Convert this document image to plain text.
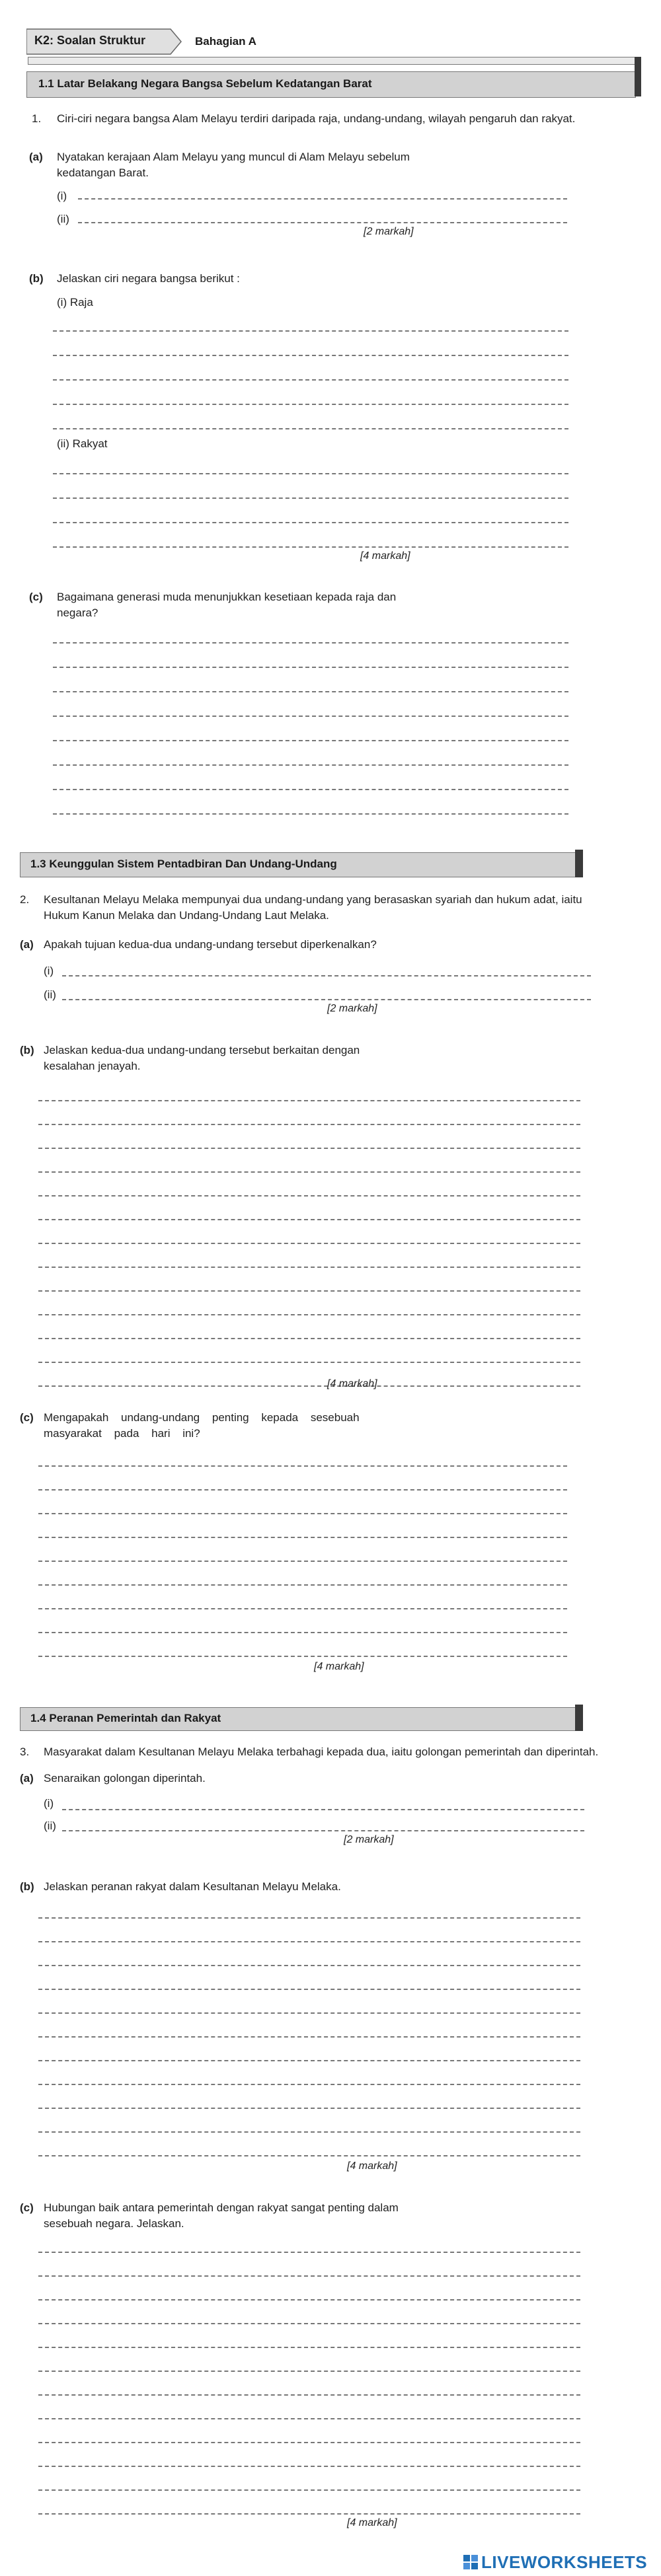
K2: Soalan Struktur	Bahagian A
1.1 Latar Belakang Negara Bangsa Sebelum Kedatangan Barat
1. Ciri-ciri negara bangsa Alam Melayu terdiri daripada raja, undang-undang, wilayah pengaruh dan rakyat.
(a) Nyatakan kerajaan Alam Melayu yang muncul di Alam Melayu sebelum kedatangan Barat.
(i)
(ii)
[2 markah]
(b) Jelaskan ciri negara bangsa berikut :
(i) Raja
(ii) Rakyat
[4 markah]
(c) Bagaimana generasi muda menunjukkan kesetiaan kepada raja dan negara?
1.3 Keunggulan Sistem Pentadbiran Dan Undang-Undang
2. Kesultanan Melayu Melaka mempunyai dua undang-undang yang berasaskan syariah dan hukum adat, iaitu Hukum Kanun Melaka dan Undang-Undang Laut Melaka.
(a) Apakah tujuan kedua-dua undang-undang tersebut diperkenalkan?
(i)
(ii)
[2 markah]
(b) Jelaskan kedua-dua undang-undang tersebut berkaitan dengan kesalahan jenayah.
[4 markah]
(c) Mengapakah undang-undang penting kepada sesebuah masyarakat pada hari ini?
[4 markah]
1.4 Peranan Pemerintah dan Rakyat
3. Masyarakat dalam Kesultanan Melayu Melaka terbahagi kepada dua, iaitu golongan pemerintah dan diperintah.
(a) Senaraikan golongan diperintah.
(i)
(ii)
[2 markah]
(b) Jelaskan peranan rakyat dalam Kesultanan Melayu Melaka.
[4 markah]
(c) Hubungan baik antara pemerintah dengan rakyat sangat penting dalam sesebuah negara. Jelaskan.
[4 markah]
LIVEWORKSHEETS
